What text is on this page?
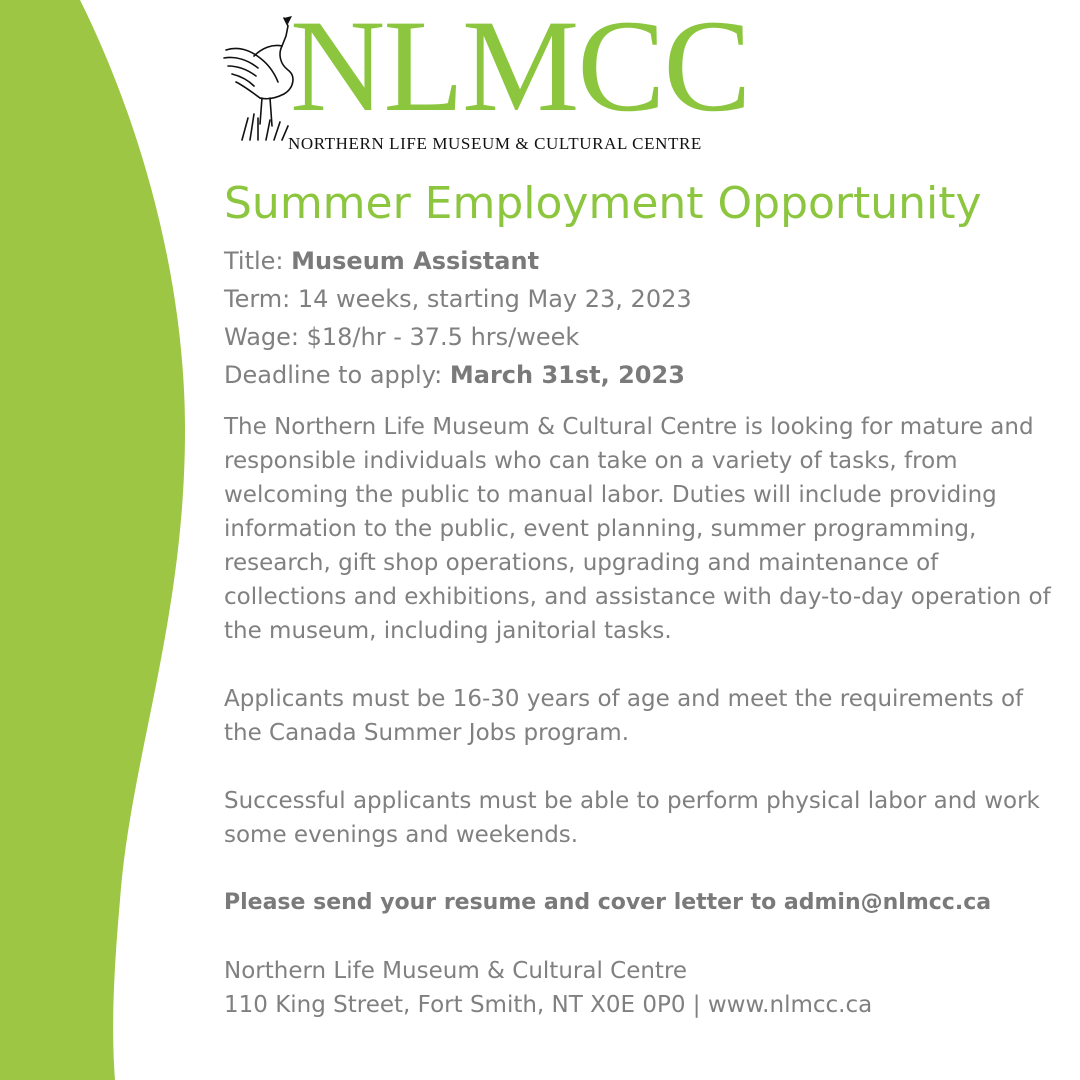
NLMCC
NORTHERN LIFE MUSEUM & CULTURAL CENTRE
Summer Employment Opportunity
Title: Museum Assistant
Term: 14 weeks, starting May 23, 2023
Wage: $18/hr - 37.5 hrs/week
Deadline to apply: March 31st, 2023

The Northern Life Museum & Cultural Centre is looking for mature and responsible individuals who can take on a variety of tasks, from welcoming the public to manual labor. Duties will include providing information to the public, event planning, summer programming, research, gift shop operations, upgrading and maintenance of collections and exhibitions, and assistance with day-to-day operation of the museum, including janitorial tasks.

Applicants must be 16-30 years of age and meet the requirements of the Canada Summer Jobs program.

Successful applicants must be able to perform physical labor and work some evenings and weekends.

Please send your resume and cover letter to admin@nlmcc.ca

Northern Life Museum & Cultural Centre
110 King Street, Fort Smith, NT X0E 0P0 | www.nlmcc.ca
